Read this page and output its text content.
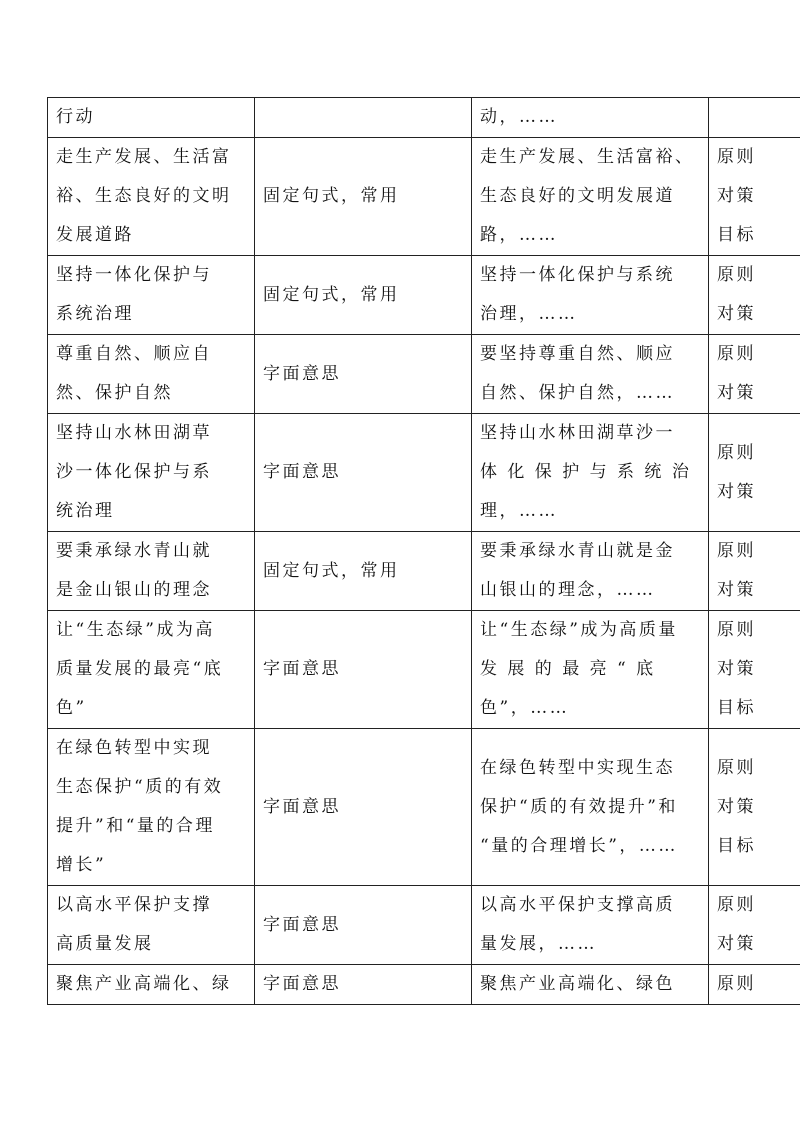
行动		动，……	
走生产发展、生活富
裕、生态良好的文明
发展道路	固定句式，常用	走生产发展、生活富裕、
生态良好的文明发展道
路，……	原则
对策
目标
坚持一体化保护与
系统治理	固定句式，常用	坚持一体化保护与系统
治理，……	原则
对策
尊重自然、顺应自
然、保护自然	字面意思	要坚持尊重自然、顺应
自然、保护自然，……	原则
对策
坚持山水林田湖草
沙一体化保护与系
统治理	字面意思	坚持山水林田湖草沙一
体 化 保 护 与 系 统 治
理，……	原则
对策
要秉承绿水青山就
是金山银山的理念	固定句式，常用	要秉承绿水青山就是金
山银山的理念，……	原则
对策
让“生态绿”成为高
质量发展的最亮“底
色”	字面意思	让“生态绿”成为高质量
发 展 的 最 亮 “ 底
色”，……	原则
对策
目标
在绿色转型中实现
生态保护“质的有效
提升”和“量的合理
增长”	字面意思	在绿色转型中实现生态
保护“质的有效提升”和
“量的合理增长”，……	原则
对策
目标
以高水平保护支撑
高质量发展	字面意思	以高水平保护支撑高质
量发展，……	原则
对策
聚焦产业高端化、绿	字面意思	聚焦产业高端化、绿色	原则
